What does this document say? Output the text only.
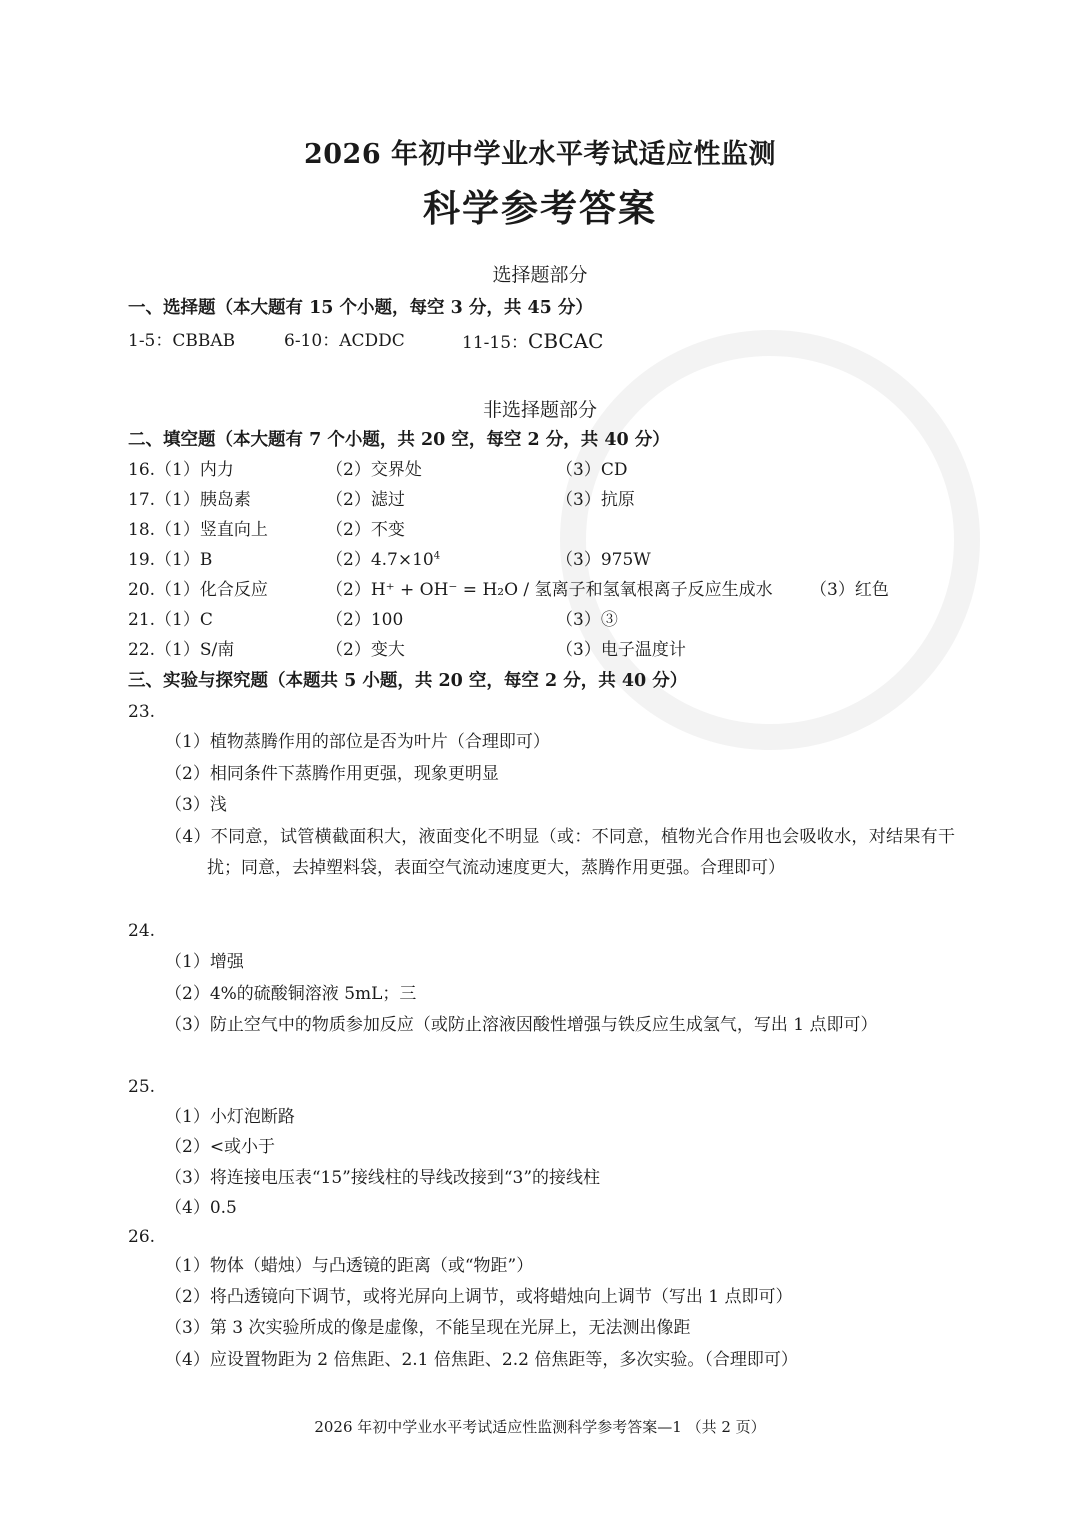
2026 年初中学业水平考试适应性监测
科学参考答案
选择题部分
一、选择题（本大题有 15 个小题，每空 3 分，共 45 分）
1-5：CBBAB	6-10：ACDDC	11-15：CBCAC
非选择题部分
二、填空题（本大题有 7 个小题，共 20 空，每空 2 分，共 40 分）
16.（1）内力	（2）交界处	（3）CD
17.（1）胰岛素	（2）滤过	（3）抗原
18.（1）竖直向上	（2）不变
19.（1）B	$(2)4.7\times 10^4$	（3）975W
20.（1）化合反应	（2）H⁺ + OH⁻ = H₂O / 氢离子和氢氧根离子反应生成水 （3）红色
21.（1）C	（2）100	（3）③
22.（1）S/南	（2）变大	（3）电子温度计
三、实验与探究题（本题共 5 小题，共 20 空，每空 2 分，共 40 分）
23.
（1）植物蒸腾作用的部位是否为叶片（合理即可）
（2）相同条件下蒸腾作用更强，现象更明显
（3）浅
（4）不同意，试管横截面积大，液面变化不明显（或：不同意，植物光合作用也会吸收水，对结果有干扰；同意，去掉塑料袋，表面空气流动速度更大，蒸腾作用更强。合理即可）
24.
（1）增强
（2）4%的硫酸铜溶液 5mL；三
（3）防止空气中的物质参加反应（或防止溶液因酸性增强与铁反应生成氢气，写出 1 点即可）
25.
（1）小灯泡断路
（2）<或小于
（3）将连接电压表“15”接线柱的导线改接到“3”的接线柱
（4）0.5
26.
（1）物体（蜡烛）与凸透镜的距离（或“物距”）
（2）将凸透镜向下调节，或将光屏向上调节，或将蜡烛向上调节（写出 1 点即可）
（3）第 3 次实验所成的像是虚像，不能呈现在光屏上，无法测出像距
（4）应设置物距为 2 倍焦距、2.1 倍焦距、2.2 倍焦距等，多次实验。（合理即可）
2026 年初中学业水平考试适应性监测科学参考答案—1 （共 2 页）
